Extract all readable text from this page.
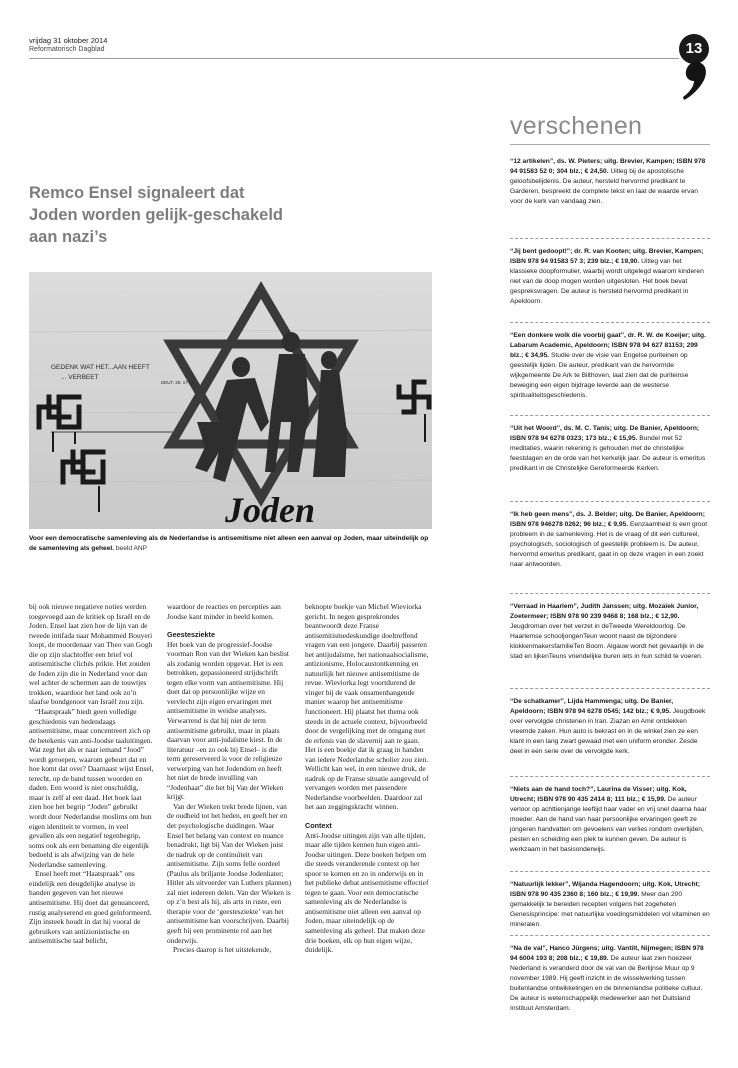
vrijdag 31 oktober 2014
Reformatorisch Dagblad	13
verschenen
Remco Ensel signaleert dat Joden worden gelijk-geschakeld aan nazi’s
GEDENK WAT HET...AAN HEEFT
... VERBEET
DEUT. 25: 17-19
Joden
Voor een democratische samenleving als de Nederlandse is antisemitisme niet alleen een aanval op Joden, maar uiteindelijk op de samenleving als geheel. beeld ANP

bij ook nieuwe negatieve noties werden toegevoegd aan de kritiek op Israël en de Joden. Ensel laat zien hoe de lijn van de tweede intifada naar Mohammed Bouyeri loopt, de moordenaar van Theo van Gogh die op zijn slachtoffer een brief vol antisemitische clichés prikte. Het zouden de Joden zijn die in Nederland voor dan wel achter de schermen aan de touwtjes trokken, waardoor het land ook zo’n slaafse bondgenoot van Israël zou zijn.

“Haatspraak” biedt geen volledige geschiedenis van hedendaags antisemitisme, maar concentreert zich op de betekenis van anti-Joodse taaluitingen. Wat zegt het als er naar iemand “Jood” wordt geroepen, waarom gebeurt dat en hoe komt dat over? Daarnaast wijst Ensel, terecht, op de band tussen woorden en daden. Een woord is niet onschuldig, maar is zelf al een daad. Het boek laat zien hoe het begrip “Joden” gebruikt wordt door Nederlandse moslims om hun eigen identiteit te vormen, in veel gevallen als een negatief tegenbegrip, soms ook als een benaming die eigenlijk bedoeld is als afwijzing van de hele Nederlandse samenleving.

Ensel heeft met “Haatspraak” ons eindelijk een deugdelijke analyse in handen gegeven van het nieuwe antisemitisme. Hij doet dat genuanceerd, rustig analyserend en goed geïnformeerd. Zijn insteek houdt in dat hij vooral de gebruikers van antizionistische en antisemitische taal belicht,

waardoor de reacties en percepties aan Joodse kant minder in beeld komen.

Geestesziekte

Het boek van de progressief-Joodse voorman Ron van der Wieken kan beslist als zodanig worden opgevat. Het is een betrokken, gepassioneerd strijdschrift tegen elke vorm van antisemitisme. Hij doet dat op persoonlijke wijze en vervlecht zijn eigen ervaringen met antisemitisme in weidse analyses. Verwarrend is dat hij niet de term antisemitisme gebruikt, maar in plaats daarvan voor anti-judaïsme kiest. In de literatuur –en zo ook bij Ensel– is die term gereserveerd is voor de religieuze verwerping van het Jodendom en heeft het niet de brede invulling van “Jodenhaat” die het bij Van der Wieken krijgt.

Van der Wieken trekt brede lijnen, van de oudheid tot het heden, en geeft her en der psychologische duidingen. Waar Ensel het belang van context en nuance benadrukt, ligt bij Van der Wieken juist de nadruk op de continuïteit van antisemitisme. Zijn soms felle oordeel (Paulus als briljante Joodse Jodenhater; Hitler als uitvoerder van Luthers plannen) zal niet iedereen delen. Van der Wieken is op z’n best als hij, als arts in ruste, een therapie voor de ‘geestesziekte’ van het antisemitisme kan voorschrijven. Daarbij geeft hij een prominente rol aan het onderwijs.

Precies daarop is het uitstekende,

beknopte boekje van Michel Wieviorka gericht. In negen gesprekrondes beantwoordt deze Franse antisemitismedeskundige doeltreffend vragen van een jongere. Daarbij passeren het antijudaïsme, het nationaalsocialisme, antizionisme, Holocaustontkenning en natuurlijk het nieuwe antisemitisme de revue. Wieviorka legt voortdurend de vinger bij de vaak onsamenhangende manier waarop het antisemitisme functioneert. Hij plaatst het thema ook steeds in de actuele context, bijvoorbeeld door de vergelijking met de omgang met de erfenis van de slavernij aan te gaan. Het is een boekje dat ik graag in handen van iedere Nederlandse scholier zou zien. Wellicht kan wel, in een nieuwe druk, de nadruk op de Franse situatie aangevuld of vervangen worden met passendere Nederlandse voorbeelden. Daardoor zal het aan zeggingskracht winnen.

Context

Anti-Joodse uitingen zijn van alle tijden, maar alle tijden kennen hun eigen anti-Joodse uitingen. Deze boeken helpen om die steeds veranderende context op het spoor te komen en zo in onderwijs en in het publieke debat antisemitisme effectief tegen te gaan. Voor een democratische samenleving als de Nederlandse is antisemitisme niet alleen een aanval op Joden, maar uiteindelijk op de samenleving als geheel. Dat maken deze drie boeken, elk op hun eigen wijze, duidelijk.

“12 artikelen”, ds. W. Pieters; uitg. Brevier, Kampen; ISBN 978 94 91583 52 0; 304 blz.; € 24,50. Uitleg bij de apostolische geloofsbelijdenis. De auteur, hersteld hervormd predikant te Garderen, bespreekt de complete tekst en laat de waarde ervan voor de kerk van vandaag zien.
“Jij bent gedoopt!”; dr. R. van Kooten; uitg. Brevier, Kampen; ISBN 978 94 91583 57 3; 239 blz.; € 19,90. Uitleg van het klassieke doopformulier, waarbij wordt uitgelegd waarom kinderen niet van de doop mogen worden uitgesloten. Het boek bevat gespreksvragen. De auteur is hersteld hervormd predikant in Apeldoorn.
“Een donkere wolk die voorbij gaat”, dr. R. W. de Koeijer; uitg. Labarum Academic, Apeldoorn; ISBN 978 94 627 81153; 299 blz.; € 34,95. Studie over de visie van Engelse puriteinen op geestelijk lijden. De auteur, predikant van de hervormde wijkgemeente De Ark te Bilthoven, laat zien dat de puriteinse beweging een eigen bijdrage leverde aan de westerse spiritualiteitsgeschiedenis.
“Uit het Woord”, ds. M. C. Tanis; uitg. De Banier, Apeldoorn; ISBN 978 94 6278 0323; 173 blz.; € 15,95. Bundel met 52 meditaties, waarin rekening is gehouden met de christelijke feestdagen en de orde van het kerkelijk jaar. De auteur is emeritus predikant in de Christelijke Gereformeerde Kerken.
“Ik heb geen mens”, ds. J. Belder; uitg. De Banier, Apeldoorn; ISBN 978 946278 0262; 96 blz.; € 9,95. Eenzaamheid is een groot probleem in de samenleving. Het is de vraag of dit een cultureel, psychologisch, sociologisch of geestelijk probleem is. De auteur, hervormd emeritus predikant, gaat in op deze vragen in een zoekt naar antwoorden.
“Verraad in Haarlem”, Judith Janssen; uitg. Mozaïek Junior, Zoetermeer; ISBN 978 90 239 9468 8; 168 blz.; € 12,90. Jeugdroman over het verzet in deTweede Wereldoorlog. De Haarlemse schooljongenTeun woont naast de bijzondere klokkenmakersfamilieTen Boom. Algauw wordt het gevaarlijk in de stad en lijkenTeuns vriendelijke buren iets in hun schild te voeren.
“De schatkamer”, Lijda Hammenga; uitg. De Banier, Apeldoorn; ISBN 978 94 6278 0545; 142 blz.; € 9,95. Jeugdboek over vervolgde christenen in Iran. Ziazan en Amir ontdekken vreemde zaken. Hun auto is bekrast en in de winkel zien ze een klant in een lang zwart gewaad met een uniform eronder. Zesde deel in een serie over de vervolgde kerk.
“Niets aan de hand toch?”, Laurina de Visser; uitg. Kok, Utrecht; ISBN 978 90 435 2414 8; 111 blz.; € 15,99. De auteur verloor op achttienjarige leeftijd haar vader en vrij snel daarna haar moeder. Aan de hand van haar persoonlijke ervaringen geeft ze jongeren handvatten om gevoelens van verlies rondom overlijden, pesten en scheiding een plek te kunnen geven. De auteur is werkzaam in het basisonderwijs.
“Natuurlijk lekker”, Wijanda Hagendoorn; uitg. Kok, Utrecht; ISBN 978 90 435 2360 8; 160 blz.; € 19,99. Meer dan 200 gemakkelijk te bereiden recepten volgens het zogeheten Genesisprincipe: met natuurlijke voedingsmiddelen vol vitaminen en mineralen.
“Na de val”, Hanco Jürgens; uitg. Vantilt, Nijmegen; ISBN 978 94 6004 193 8; 208 blz.; € 19,89. De auteur laat zien hoezeer Nederland is veranderd door de val van de Berlijnse Muur op 9 november 1989. Hij geeft inzicht in de wisselwerking tussen buitenlandse ontwikkelingen en de binnenlandse politieke cultuur. De auteur is wetenschappelijk medewerker aan het Duitsland Instituut Amsterdam.
